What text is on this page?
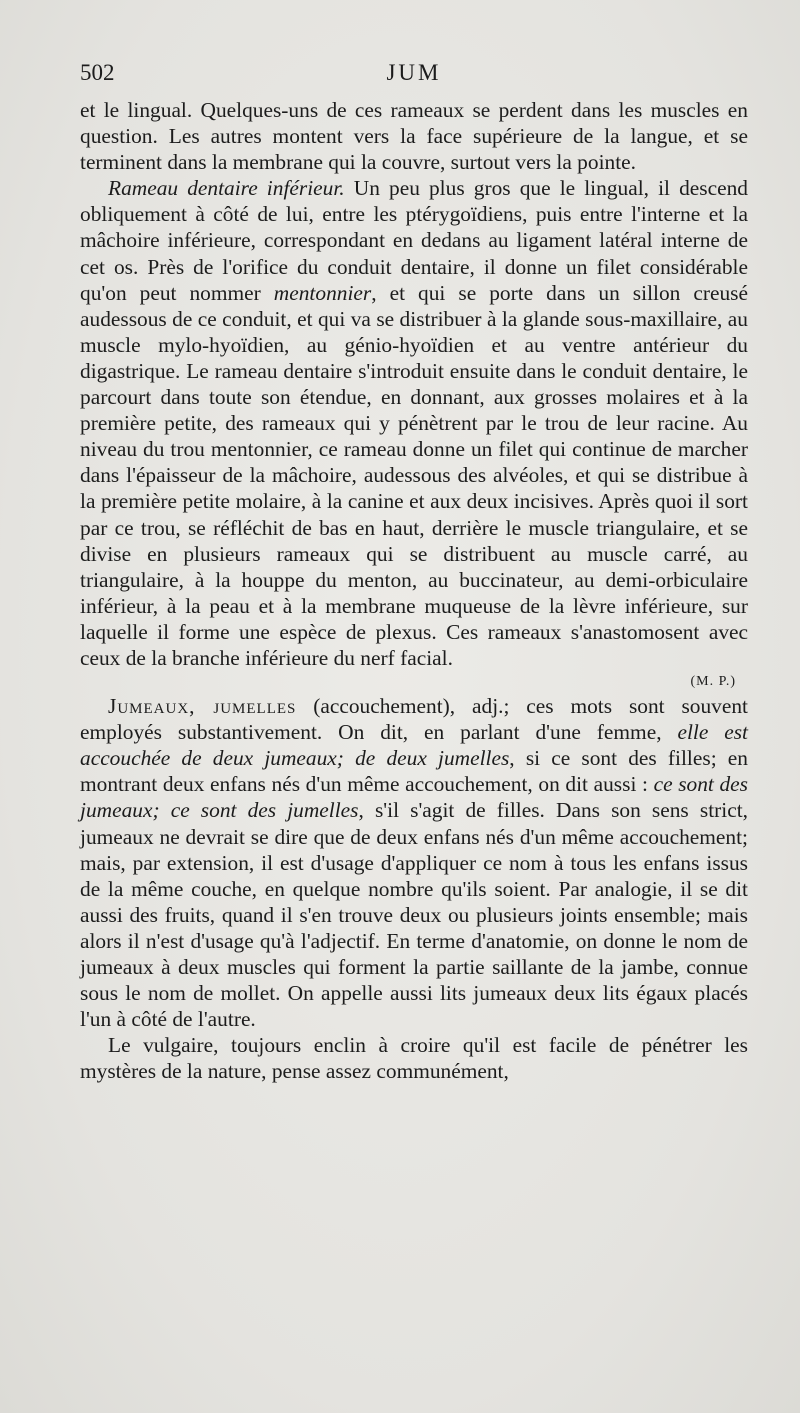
502	JUM

et le lingual. Quelques-uns de ces rameaux se perdent dans les muscles en question. Les autres montent vers la face supérieure de la langue, et se terminent dans la membrane qui la couvre, surtout vers la pointe.

Rameau dentaire inférieur. Un peu plus gros que le lingual, il descend obliquement à côté de lui, entre les ptérygoïdiens, puis entre l'interne et la mâchoire inférieure, correspondant en dedans au ligament latéral interne de cet os. Près de l'orifice du conduit dentaire, il donne un filet considérable qu'on peut nommer mentonnier, et qui se porte dans un sillon creusé audessous de ce conduit, et qui va se distribuer à la glande sous-maxillaire, au muscle mylo-hyoïdien, au génio-hyoïdien et au ventre antérieur du digastrique. Le rameau dentaire s'introduit ensuite dans le conduit dentaire, le parcourt dans toute son étendue, en donnant, aux grosses molaires et à la première petite, des rameaux qui y pénètrent par le trou de leur racine. Au niveau du trou mentonnier, ce rameau donne un filet qui continue de marcher dans l'épaisseur de la mâchoire, audessous des alvéoles, et qui se distribue à la première petite molaire, à la canine et aux deux incisives. Après quoi il sort par ce trou, se réfléchit de bas en haut, derrière le muscle triangulaire, et se divise en plusieurs rameaux qui se distribuent au muscle carré, au triangulaire, à la houppe du menton, au buccinateur, au demi-orbiculaire inférieur, à la peau et à la membrane muqueuse de la lèvre inférieure, sur laquelle il forme une espèce de plexus. Ces rameaux s'anastomosent avec ceux de la branche inférieure du nerf facial.

(M. P.)

Jumeaux, jumelles (accouchement), adj.; ces mots sont souvent employés substantivement. On dit, en parlant d'une femme, elle est accouchée de deux jumeaux; de deux jumelles, si ce sont des filles; en montrant deux enfans nés d'un même accouchement, on dit aussi : ce sont des jumeaux; ce sont des jumelles, s'il s'agit de filles. Dans son sens strict, jumeaux ne devrait se dire que de deux enfans nés d'un même accouchement; mais, par extension, il est d'usage d'appliquer ce nom à tous les enfans issus de la même couche, en quelque nombre qu'ils soient. Par analogie, il se dit aussi des fruits, quand il s'en trouve deux ou plusieurs joints ensemble; mais alors il n'est d'usage qu'à l'adjectif. En terme d'anatomie, on donne le nom de jumeaux à deux muscles qui forment la partie saillante de la jambe, connue sous le nom de mollet. On appelle aussi lits jumeaux deux lits égaux placés l'un à côté de l'autre.

Le vulgaire, toujours enclin à croire qu'il est facile de pénétrer les mystères de la nature, pense assez communément,
